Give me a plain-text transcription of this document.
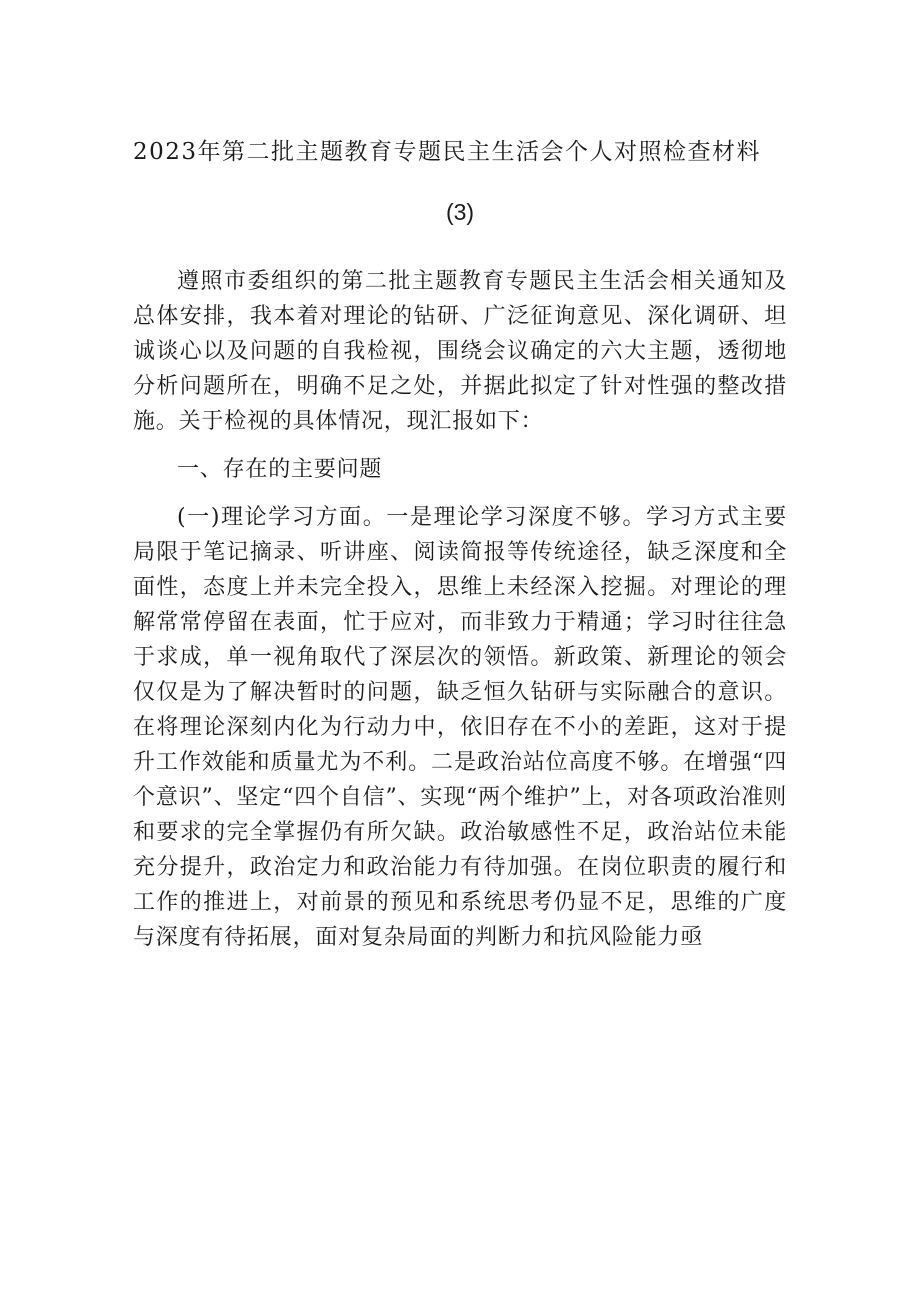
2023年第二批主题教育专题民主生活会个人对照检查材料
(3)

遵照市委组织的第二批主题教育专题民主生活会相关通知及总体安排，我本着对理论的钻研、广泛征询意见、深化调研、坦诚谈心以及问题的自我检视，围绕会议确定的六大主题，透彻地分析问题所在，明确不足之处，并据此拟定了针对性强的整改措施。关于检视的具体情况，现汇报如下：

一、存在的主要问题

(一)理论学习方面。一是理论学习深度不够。学习方式主要局限于笔记摘录、听讲座、阅读简报等传统途径，缺乏深度和全面性，态度上并未完全投入，思维上未经深入挖掘。对理论的理解常常停留在表面，忙于应对，而非致力于精通；学习时往往急于求成，单一视角取代了深层次的领悟。新政策、新理论的领会仅仅是为了解决暂时的问题，缺乏恒久钻研与实际融合的意识。在将理论深刻内化为行动力中，依旧存在不小的差距，这对于提升工作效能和质量尤为不利。二是政治站位高度不够。在增强“四个意识”、坚定“四个自信”、实现“两个维护”上，对各项政治准则和要求的完全掌握仍有所欠缺。政治敏感性不足，政治站位未能充分提升，政治定力和政治能力有待加强。在岗位职责的履行和工作的推进上，对前景的预见和系统思考仍显不足，思维的广度与深度有待拓展，面对复杂局面的判断力和抗风险能力亟
